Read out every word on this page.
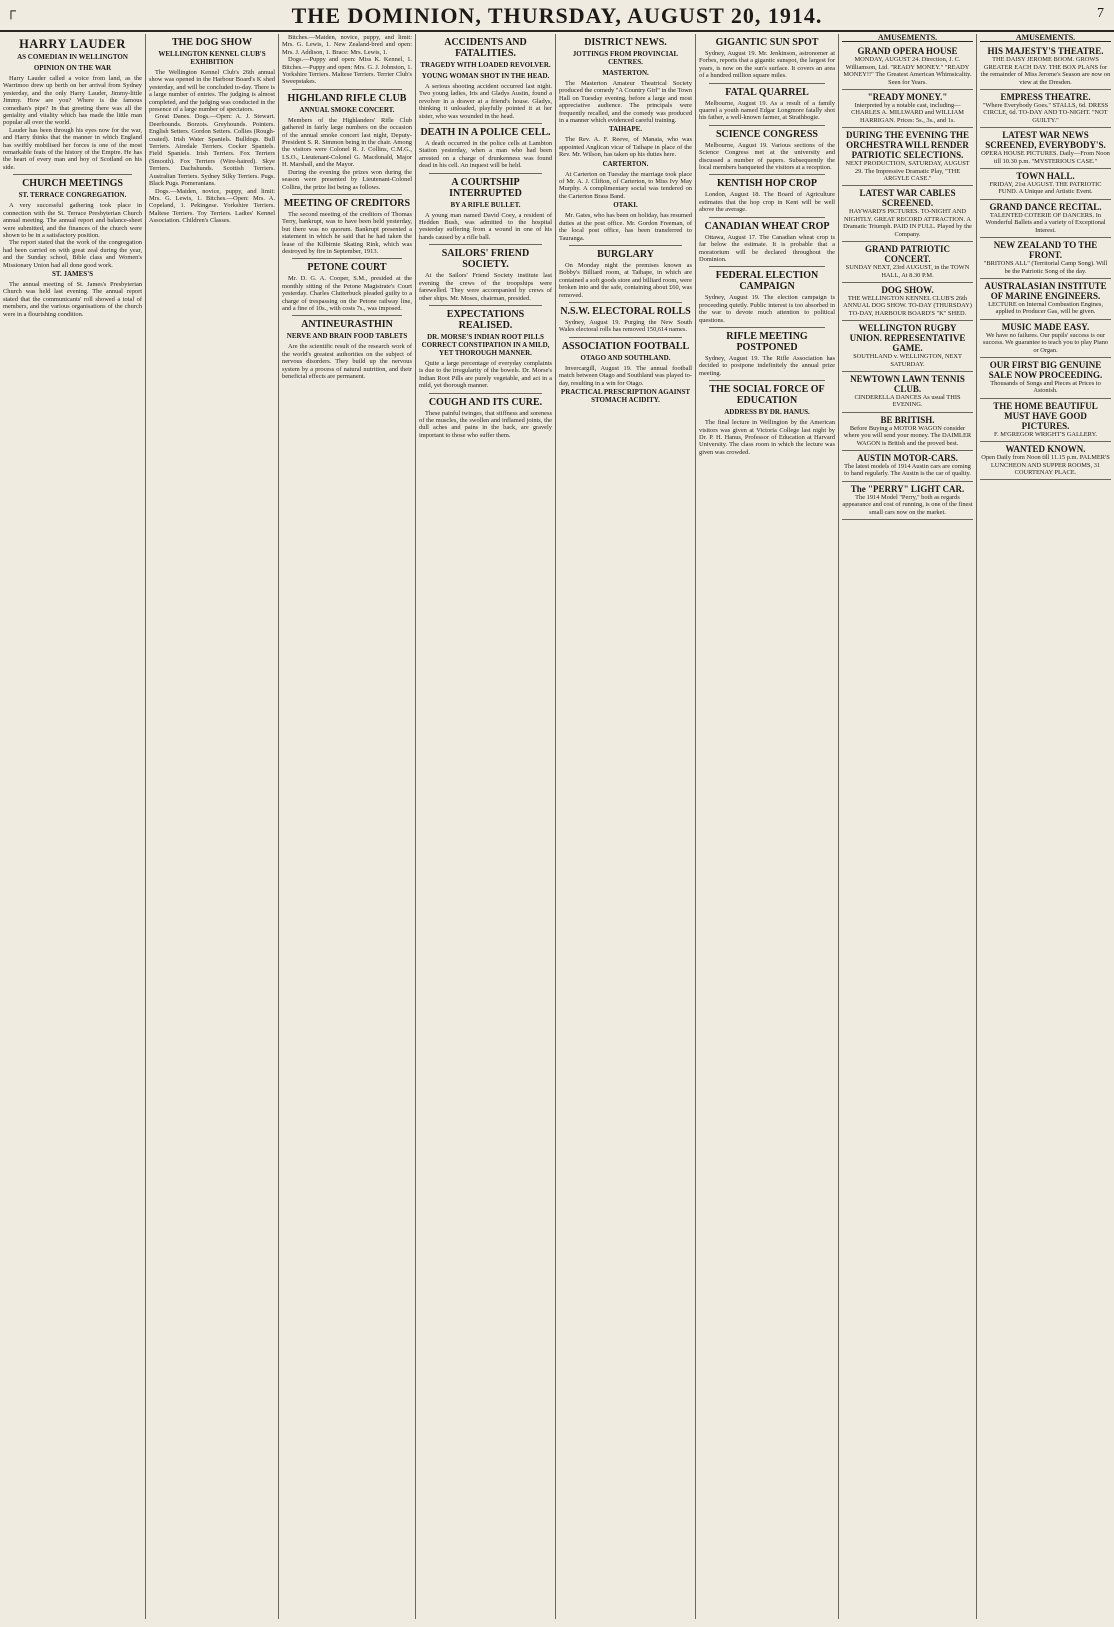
┌	THE DOMINION, THURSDAY, AUGUST 20, 1914.	7
HARRY LAUDER
AS COMEDIAN IN WELLINGTON
OPINION ON THE WAR

Harry Lauder called a voice from land, as the Warrimoo drew up berth on her arrival from Sydney yesterday, and the only Harry Lauder, Jimmy-little Jimmy. How are you? Where is the famous comedian's pipe? In that greeting there was all the geniality and vitality which has made the little man popular all over the world.

Lauder has been through his eyes now for the war, and Harry thinks that the manner in which England has swiftly mobilised her forces is one of the most remarkable feats of the history of the Empire. He has the heart of every man and boy of Scotland on his side.

CHURCH MEETINGS
ST. TERRACE CONGREGATION.

A very successful gathering took place in connection with the St. Terrace Presbyterian Church annual meeting. The annual report and balance-sheet were submitted, and the finances of the church were shown to be in a satisfactory position.

The report stated that the work of the congregation had been carried on with great zeal during the year, and the Sunday school, Bible class and Women's Missionary Union had all done good work.

ST. JAMES'S

The annual meeting of St. James's Presbyterian Church was held last evening. The annual report stated that the communicants' roll showed a total of members, and the various organisations of the church were in a flourishing condition.

THE DOG SHOW
WELLINGTON KENNEL CLUB'S EXHIBITION

The Wellington Kennel Club's 26th annual show was opened in the Harbour Board's K shed yesterday, and will be concluded to-day. There is a large number of entries. The judging is almost completed, and the judging was conducted in the presence of a large number of spectators.

Great Danes. Dogs.—Open: A. J. Stewart. Deerhounds. Borzois. Greyhounds. Pointers. English Setters. Gordon Setters. Collies (Rough-coated). Irish Water Spaniels. Bulldogs. Bull Terriers. Airedale Terriers. Cocker Spaniels. Field Spaniels. Irish Terriers. Fox Terriers (Smooth). Fox Terriers (Wire-haired). Skye Terriers. Dachshunds. Scottish Terriers. Australian Terriers. Sydney Silky Terriers. Pugs. Black Pugs. Pomeranians.

Dogs.—Maiden, novice, puppy, and limit: Mrs. G. Lewis, 1. Bitches.—Open: Mrs. A. Copeland, 1. Pekingese. Yorkshire Terriers. Maltese Terriers. Toy Terriers. Ladies' Kennel Association. Children's Classes.

Bitches.—Maiden, novice, puppy, and limit: Mrs. G. Lewis, 1. New Zealand-bred and open: Mrs. J. Addison, 1. Brace: Mrs. Lewis, 1.

Dogs.—Puppy and open: Miss K. Kennel, 1. Bitches.—Puppy and open: Mrs. G. J. Johnston, 1. Yorkshire Terriers. Maltese Terriers. Terrier Club's Sweepstakes.

HIGHLAND RIFLE CLUB
ANNUAL SMOKE CONCERT.

Members of the Highlanders' Rifle Club gathered in fairly large numbers on the occasion of the annual smoke concert last night, Deputy-President S. R. Simmon being in the chair. Among the visitors were Colonel R. J. Collins, C.M.G., I.S.O., Lieutenant-Colonel G. Macdonald, Major H. Marshall, and the Mayor.

During the evening the prizes won during the season were presented by Lieutenant-Colonel Collins, the prize list being as follows.

MEETING OF CREDITORS

The second meeting of the creditors of Thomas Terry, bankrupt, was to have been held yesterday, but there was no quorum. Bankrupt presented a statement in which he said that he had taken the lease of the Kilbirnie Skating Rink, which was destroyed by fire in September, 1913.

PETONE COURT

Mr. D. G. A. Cooper, S.M., presided at the monthly sitting of the Petone Magistrate's Court yesterday. Charles Clutterbuck pleaded guilty to a charge of trespassing on the Petone railway line, and a fine of 10s., with costs 7s., was imposed.

ANTINEURASTHIN
NERVE AND BRAIN FOOD TABLETS

Are the scientific result of the research work of the world's greatest authorities on the subject of nervous disorders. They build up the nervous system by a process of natural nutrition, and their beneficial effects are permanent.

ACCIDENTS AND FATALITIES.
TRAGEDY WITH LOADED REVOLVER.
YOUNG WOMAN SHOT IN THE HEAD.

A serious shooting accident occurred last night. Two young ladies, Iris and Gladys Austin, found a revolver in a drawer at a friend's house. Gladys, thinking it unloaded, playfully pointed it at her sister, who was wounded in the head.

DEATH IN A POLICE CELL.

A death occurred in the police cells at Lambton Station yesterday, when a man who had been arrested on a charge of drunkenness was found dead in his cell. An inquest will be held.

A COURTSHIP INTERRUPTED
BY A RIFLE BULLET.

A young man named David Coey, a resident of Hedden Bush, was admitted to the hospital yesterday suffering from a wound in one of his hands caused by a rifle ball.

SAILORS' FRIEND SOCIETY.

At the Sailors' Friend Society institute last evening the crews of the troopships were farewelled. They were accompanied by crews of other ships. Mr. Moses, chairman, presided.

EXPECTATIONS REALISED.
DR. MORSE'S INDIAN ROOT PILLS CORRECT CONSTIPATION IN A MILD, YET THOROUGH MANNER.

Quite a large percentage of everyday complaints is due to the irregularity of the bowels. Dr. Morse's Indian Root Pills are purely vegetable, and act in a mild, yet thorough manner.

COUGH AND ITS CURE.

These painful twinges, that stiffness and soreness of the muscles, the swollen and inflamed joints, the dull aches and pains in the back, are gravely important to those who suffer them.

DISTRICT NEWS.
JOTTINGS FROM PROVINCIAL CENTRES.
MASTERTON.

The Masterton Amateur Theatrical Society produced the comedy "A Country Girl" in the Town Hall on Tuesday evening, before a large and most appreciative audience. The principals were frequently recalled, and the comedy was produced in a manner which evidenced careful training.

TAIHAPE.

The Rev. A. F. Reeve, of Manaia, who was appointed Anglican vicar of Taihape in place of the Rev. Mr. Wilson, has taken up his duties here.

CARTERTON.

At Carterton on Tuesday the marriage took place of Mr. A. J. Clifton, of Carterton, to Miss Ivy May Murphy. A complimentary social was tendered on the Carterton Brass Band.

OTAKI.

Mr. Gates, who has been on holiday, has resumed duties at the post office. Mr. Gordon Freeman, of the local post office, has been transferred to Tauranga.

BURGLARY

On Monday night the premises known as Bobby's Billiard room, at Taihape, in which are contained a soft goods store and billiard room, were broken into and the safe, containing about £60, was removed.

N.S.W. ELECTORAL ROLLS

Sydney, August 19. Purging the New South Wales electoral rolls has removed 150,614 names.

ASSOCIATION FOOTBALL
OTAGO AND SOUTHLAND.

Invercargill, August 19. The annual football match between Otago and Southland was played to-day, resulting in a win for Otago.

PRACTICAL PRESCRIPTION AGAINST STOMACH ACIDITY.
GIGANTIC SUN SPOT

Sydney, August 19. Mr. Jenkinson, astronomer at Forbes, reports that a gigantic sunspot, the largest for years, is now on the sun's surface. It covers an area of a hundred million square miles.

FATAL QUARREL

Melbourne, August 19. As a result of a family quarrel a youth named Edgar Longmore fatally shot his father, a well-known farmer, at Strathbogie.

SCIENCE CONGRESS

Melbourne, August 19. Various sections of the Science Congress met at the university and discussed a number of papers. Subsequently the local members banqueted the visitors at a reception.

KENTISH HOP CROP

London, August 18. The Board of Agriculture estimates that the hop crop in Kent will be well above the average.

CANADIAN WHEAT CROP

Ottawa, August 17. The Canadian wheat crop is far below the estimate. It is probable that a moratorium will be declared throughout the Dominion.

FEDERAL ELECTION CAMPAIGN

Sydney, August 19. The election campaign is proceeding quietly. Public interest is too absorbed in the war to devote much attention to political questions.

RIFLE MEETING POSTPONED

Sydney, August 19. The Rifle Association has decided to postpone indefinitely the annual prize meeting.

THE SOCIAL FORCE OF EDUCATION
ADDRESS BY DR. HANUS.

The final lecture in Wellington by the American visitors was given at Victoria College last night by Dr. P. H. Hanus, Professor of Education at Harvard University. The class room in which the lecture was given was crowded.

AMUSEMENTS.
GRAND OPERA HOUSE
MONDAY, AUGUST 24. Direction, J. C. Williamson, Ltd. "READY MONEY." "READY MONEY!!" The Greatest American Whimsicality. Seen for Years.
"READY MONEY."
Interpreted by a notable cast, including—CHARLES A. MILLWARD and WILLIAM HARRIGAN. Prices: 5s., 3s., and 1s.
DURING THE EVENING THE ORCHESTRA WILL RENDER PATRIOTIC SELECTIONS.
NEXT PRODUCTION, SATURDAY, AUGUST 29. The Impressive Dramatic Play, "THE ARGYLE CASE."
LATEST WAR CABLES SCREENED.
HAYWARD'S PICTURES. TO-NIGHT AND NIGHTLY. GREAT RECORD ATTRACTION. A Dramatic Triumph. PAID IN FULL. Played by the Company.
GRAND PATRIOTIC CONCERT.
SUNDAY NEXT, 23rd AUGUST, in the TOWN HALL, At 8.30 P.M.
DOG SHOW.
THE WELLINGTON KENNEL CLUB'S 26th ANNUAL DOG SHOW. TO-DAY (THURSDAY) TO-DAY, HARBOUR BOARD'S "K" SHED.
WELLINGTON RUGBY UNION. REPRESENTATIVE GAME.
SOUTHLAND v. WELLINGTON, NEXT SATURDAY.
NEWTOWN LAWN TENNIS CLUB.
CINDERELLA DANCES As usual THIS EVENING.
BE BRITISH.
Before Buying a MOTOR WAGON consider where you will send your money. The DAIMLER WAGON is British and the proved best.
AUSTIN MOTOR-CARS.
The latest models of 1914 Austin cars are coming to hand regularly. The Austin is the car of quality.
The "PERRY" LIGHT CAR.
The 1914 Model "Perry," both as regards appearance and cost of running, is one of the finest small cars now on the market.
AMUSEMENTS.
HIS MAJESTY'S THEATRE.
THE DAISY JEROME BOOM. GROWS GREATER EACH DAY. THE BOX PLANS for the remainder of Miss Jerome's Season are now on view at the Dresden.
EMPRESS THEATRE.
"Where Everybody Goes." STALLS, 6d. DRESS CIRCLE, 6d. TO-DAY AND TO-NIGHT. "NOT GUILTY."
LATEST WAR NEWS SCREENED, EVERYBODY'S.
OPERA HOUSE PICTURES. Daily—From Noon till 10.30 p.m. "MYSTERIOUS CASE."
TOWN HALL.
FRIDAY, 21st AUGUST. THE PATRIOTIC FUND. A Unique and Artistic Event.
GRAND DANCE RECITAL.
TALENTED COTERIE OF DANCERS. In Wonderful Ballets and a variety of Exceptional Interest.
NEW ZEALAND TO THE FRONT.
"BRITONS ALL" (Territorial Camp Song). Will be the Patriotic Song of the day.
AUSTRALASIAN INSTITUTE OF MARINE ENGINEERS.
LECTURE on Internal Combustion Engines, applied to Producer Gas, will be given.
MUSIC MADE EASY.
We have no failures. Our pupils' success is our success. We guarantee to teach you to play Piano or Organ.
OUR FIRST BIG GENUINE SALE NOW PROCEEDING.
Thousands of Songs and Pieces at Prices to Astonish.
THE HOME BEAUTIFUL MUST HAVE GOOD PICTURES.
F. M'GREGOR WRIGHT'S GALLERY.
WANTED KNOWN.
Open Daily from Noon till 11.15 p.m. PALMER'S LUNCHEON AND SUPPER ROOMS, 31 COURTENAY PLACE.
